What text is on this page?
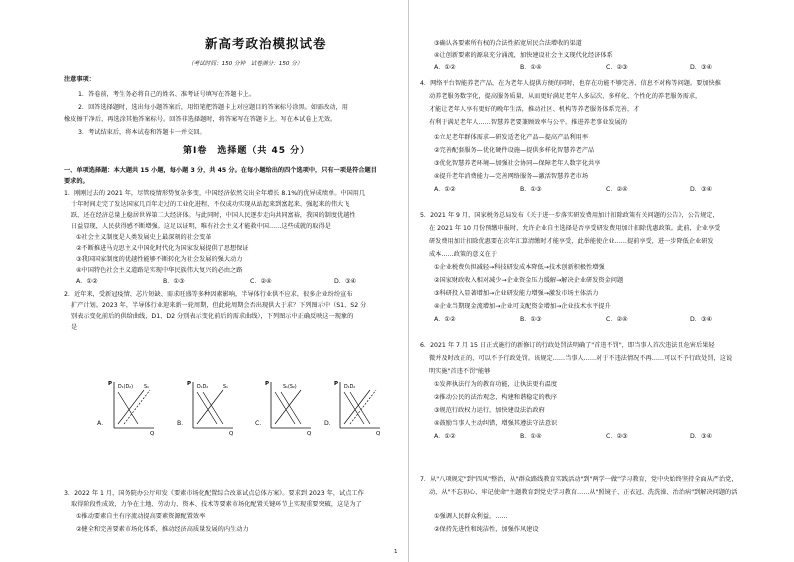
新高考政治模拟试卷
（考试时间：150 分钟　试卷满分：150 分）
注意事项：
1．答卷前，考生务必将自己的姓名、准考证号填写在答题卡上。
2．回答选择题时，选出每小题答案后，用铅笔把答题卡上对应题目的答案标号涂黑。如需改动，用
橡皮擦干净后，再选涂其他答案标号。回答非选择题时，将答案写在答题卡上。写在本试卷上无效。
3．考试结束后，将本试卷和答题卡一并交回。
第Ⅰ卷　选择题（共 45 分）
一、单项选择题：本大题共 15 小题，每小题 3 分，共 45 分。在每小题给出的四个选项中，只有一项是符合题目
要求的。
1．刚刚过去的 2021 年，尽管疫情形势复杂多变，中国经济依然交出全年增长 8.1%的优异成绩单。中国用几
十年时间走完了发达国家几百年走过的工业化进程，不仅成功实现从站起来到富起来、强起来的伟大飞
跃，还在经济总量上稳居世界第二大经济体。与此同时，中国人民逐步走向共同富裕，我国的制度优越性
日益显现，人民获得感不断增强。这足以证明，唯有社会主义才能救中国……这些成就的取得是
①社会主义制度是人类发展史上最深刻的社会变革
②不断推进马克思主义中国化时代化为国家发展提供了思想保证
③我国国家制度的优越性能够不断转化为社会发展的强大动力
④中国特色社会主义道路是实现中华民族伟大复兴的必由之路
A．①②	B．①③	C．②④	D．③④
2．近年来，受新冠疫情、芯片短缺、需求旺盛等多种因素影响，半导体行业供不应求，很多企业纷纷宣布
扩产计划。2023 年，半导体行业迎来新一轮周期，但此轮周期会否出现供大于求？下列图示中（S1、S2 分
别表示变化前后的供给曲线，D1、D2 分别表示变化前后的需求曲线），下列图示中正确反映这一现象的
是
A．	B．	C．	D．
P
Q
D₁(D₂) S₁
P
Q
D₁D₂	S₁
P
Q
S₁(S₂)
P
Q
D₁D₂
3．2022 年 1 月，国务院办公厅印发《要素市场化配置综合改革试点总体方案》。要求到 2023 年，试点工作
取得阶段性成效，力争在土地、劳动力、资本、技术等要素市场化配置关键环节上实现重要突破，这是为了
①推动要素自主有序流动提高要素资源配置效率
②健全和完善要素市场化体系，推动经济高质量发展的内生动力
③确认各要素所有权的合法性拓宽居民合法增收的渠道
④让创新要素的源泉充分涌流，加快建设社会主义现代化经济体系
A．①②	B．①④	C．②③	D．③④
4．网络平台智能养老产品，在为老年人提供方便的同时，也存在功能不够完善、信息不对称等问题。要加快推
动养老服务数字化，提高服务质量，从而更好满足老年人多层次、多样化、个性化的养老服务需求，
才能让老年人享有更好的晚年生活，推动社区、机构等养老服务体系完善，才
有利于满足老年人……智慧养老要兼顾效率与公平。推进养老事业发展的
①立足老年群体需求—研发适老化产品—提高产品利用率
②完善配套服务—优化硬件设施—提供多样化智慧养老产品
③优化智慧养老环境—加强社会协同—保障老年人数字化共享
④提升老年消费能力—完善网络服务—激活智慧养老市场
A．①②	B．①③	C．②④	D．③④
5．2021 年 9 月，国家税务总局发布《关于进一步落实研发费用加计扣除政策有关问题的公告》，公告规定，
在 2021 年 10 月份预缴申报时，允许企业自主选择是否享受研发费用加计扣除优惠政策。此前，企业享受
研发费用加计扣除优惠要在次年汇算清缴时才能享受，此举能使企业……提前享受，进一步降低企业研发
成本……政策的意义在于
①企业税费负担减轻→科技研发成本降低→技术创新积极性增强
②国家财政收入相对减少→企业资金压力缓解→解决企业研发资金问题
③科研投入显著增加→企业研发能力增强→激发市场主体活力
④企业当期现金流增加→企业可支配资金增加→企业技术水平提升
A．①②	B．①③	C．②④	D．③④
6．2021 年 7 月 15 日正式施行的新修订的行政处罚法明确了"首违不罚"，即当事人首次违法且危害后果轻
微并及时改正的，可以不予行政处罚。该规定……当事人……对于不违法情况不再……可以不予行政处罚，这说
明实施"首违不罚"能够
①发挥执法行为的教育功能，让执法更有温度
②推动公民的法治观念，构建和谐稳定的秩序
③规范行政权力运行，加快建设法治政府
④鼓励当事人主动纠错，增强其遵法守法意识
A．①②	B．①④	C．②③	D．③④
7．从"八项规定"到"四风"整治，从"群众路线教育实践活动"到"两学一做"学习教育，党中央始终坚持全面从严治党，
动，从"不忘初心、牢记使命"主题教育到党史学习教育……从"照镜子、正衣冠、洗洗澡、治治病"到解决问题的活
①强调人民群众利益，……
②保持先进性和纯洁性，加强作风建设
1
